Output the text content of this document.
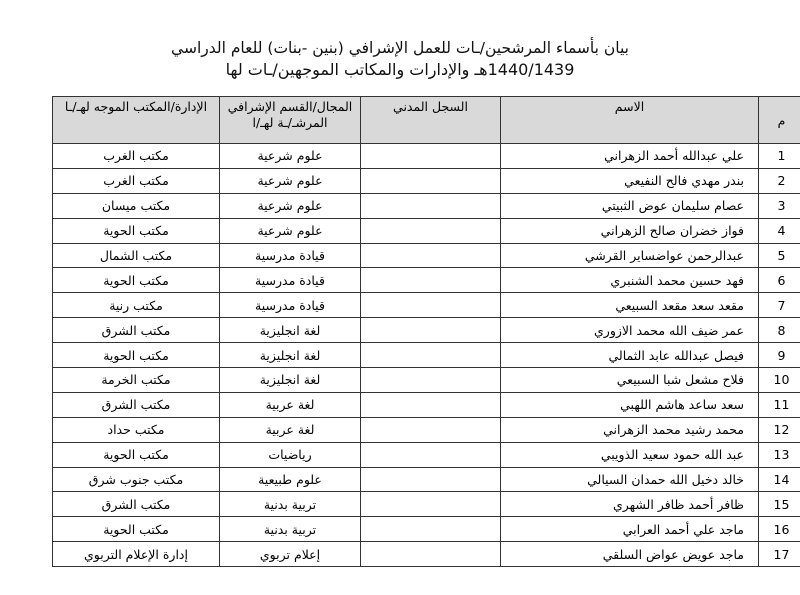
بيان بأسماء المرشحين/ـات للعمل الإشرافي (بنين -بنات) للعام الدراسي
1440/1439هـ والإدارات والمكاتب الموجهين/ـات لها
م	الاسم	السجل المدني	المجال/القسم الإشرافي المرشـ/ـة لهـ/ا	الإدارة/المكتب الموجه لهـ/ـا
1	علي عبدالله أحمد الزهراني		علوم شرعية	مكتب الغرب
2	بندر مهدي فالح النفيعي		علوم شرعية	مكتب الغرب
3	عصام سليمان عوض الثبيتي		علوم شرعية	مكتب ميسان
4	فواز خضران صالح الزهراني		علوم شرعية	مكتب الحوية
5	عبدالرحمن عواضساير القرشي		قيادة مدرسية	مكتب الشمال
6	فهد حسين محمد الشنبري		قيادة مدرسية	مكتب الحوية
7	مقعد سعد مقعد السبيعي		قيادة مدرسية	مكتب رنية
8	عمر ضيف الله محمد الازوري		لغة انجليزية	مكتب الشرق
9	فيصل عبدالله عابد الثمالي		لغة انجليزية	مكتب الحوية
10	فلاح مشعل شبا السبيعي		لغة انجليزية	مكتب الخرمة
11	سعد ساعد هاشم اللهبي		لغة عربية	مكتب الشرق
12	محمد رشيد محمد الزهراني		لغة عربية	مكتب حداد
13	عبد الله حمود سعيد الذويبي		رياضيات	مكتب الحوية
14	خالد دخيل الله حمدان السيالي		علوم طبيعية	مكتب جنوب شرق
15	ظافر أحمد ظافر الشهري		تربية بدنية	مكتب الشرق
16	ماجد علي أحمد العرابي		تربية بدنية	مكتب الحوية
17	ماجد عويض عواض السلقي		إعلام تربوي	إدارة الإعلام التربوي
